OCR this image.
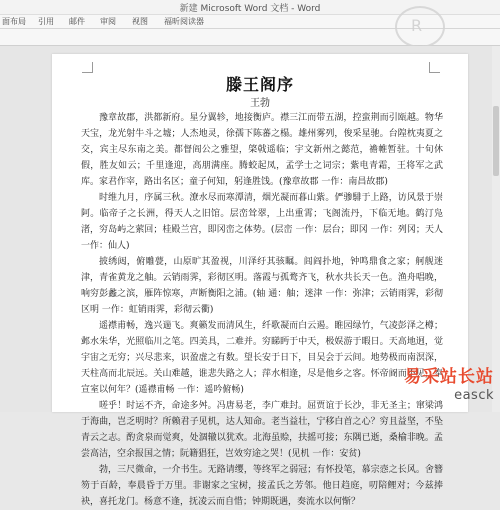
新建 Microsoft Word 文档 - Word
面布局 引用 邮件 审阅 视图 福昕阅读器	R
滕王阁序
王勃

豫章故郡，洪都新府。星分翼轸，地接衡庐。襟三江而带五湖，控蛮荆而引瓯越。物华天宝，龙光射牛斗之墟；人杰地灵，徐孺下陈蕃之榻。雄州雾列，俊采星驰。台隍枕夷夏之交，宾主尽东南之美。都督阎公之雅望，棨戟遥临；宇文新州之懿范，襜帷暂驻。十旬休假，胜友如云；千里逢迎，高朋满座。腾蛟起凤，孟学士之词宗；紫电青霜，王将军之武库。家君作宰，路出名区；童子何知，躬逢胜饯。(豫章故郡 一作：南昌故郡)

时维九月，序属三秋。潦水尽而寒潭清，烟光凝而暮山紫。俨骖騑于上路，访风景于崇阿。临帝子之长洲，得天人之旧馆。层峦耸翠，上出重霄；飞阁流丹，下临无地。鹤汀凫渚，穷岛屿之萦回；桂殿兰宫，即冈峦之体势。(层峦 一作：层台；即冈 一作：列冈；天人 一作：仙人)

披绣闼，俯雕甍，山原旷其盈视，川泽纡其骇瞩。闾阎扑地，钟鸣鼎食之家；舸舰迷津，青雀黄龙之舳。云销雨霁，彩彻区明。落霞与孤鹜齐飞，秋水共长天一色。渔舟唱晚，响穷彭蠡之滨，雁阵惊寒，声断衡阳之浦。(轴 通：舳；迷津 一作：弥津；云销雨霁，彩彻区明 一作：虹销雨霁，彩彻云衢)

遥襟甫畅，逸兴遄飞。爽籁发而清风生，纤歌凝而白云遏。睢园绿竹，气凌彭泽之樽；邺水朱华，光照临川之笔。四美具，二难并。穷睇眄于中天，极娱游于暇日。天高地迥，觉宇宙之无穷；兴尽悲来，识盈虚之有数。望长安于日下，目吴会于云间。地势极而南溟深，天柱高而北辰远。关山难越，谁悲失路之人；萍水相逢，尽是他乡之客。怀帝阍而不见，奉宣室以何年？(遥襟甫畅 一作：遥吟俯畅)

嗟乎！时运不齐，命途多舛。冯唐易老，李广难封。屈贾谊于长沙，非无圣主；窜梁鸿于海曲，岂乏明时？所赖君子见机，达人知命。老当益壮，宁移白首之心？穷且益坚，不坠青云之志。酌贪泉而觉爽，处涸辙以犹欢。北海虽赊，扶摇可接；东隅已逝，桑榆非晚。孟尝高洁，空余报国之情；阮籍猖狂，岂效穷途之哭！(见机 一作：安贫)

勃，三尺微命，一介书生。无路请缨，等终军之弱冠；有怀投笔，慕宗悫之长风。舍簪笏于百龄，奉晨昏于万里。非谢家之宝树，接孟氏之芳邻。他日趋庭，叨陪鲤对；今兹捧袂，喜托龙门。杨意不逢，抚凌云而自惜；钟期既遇，奏流水以何惭？

易采站长站
easck
